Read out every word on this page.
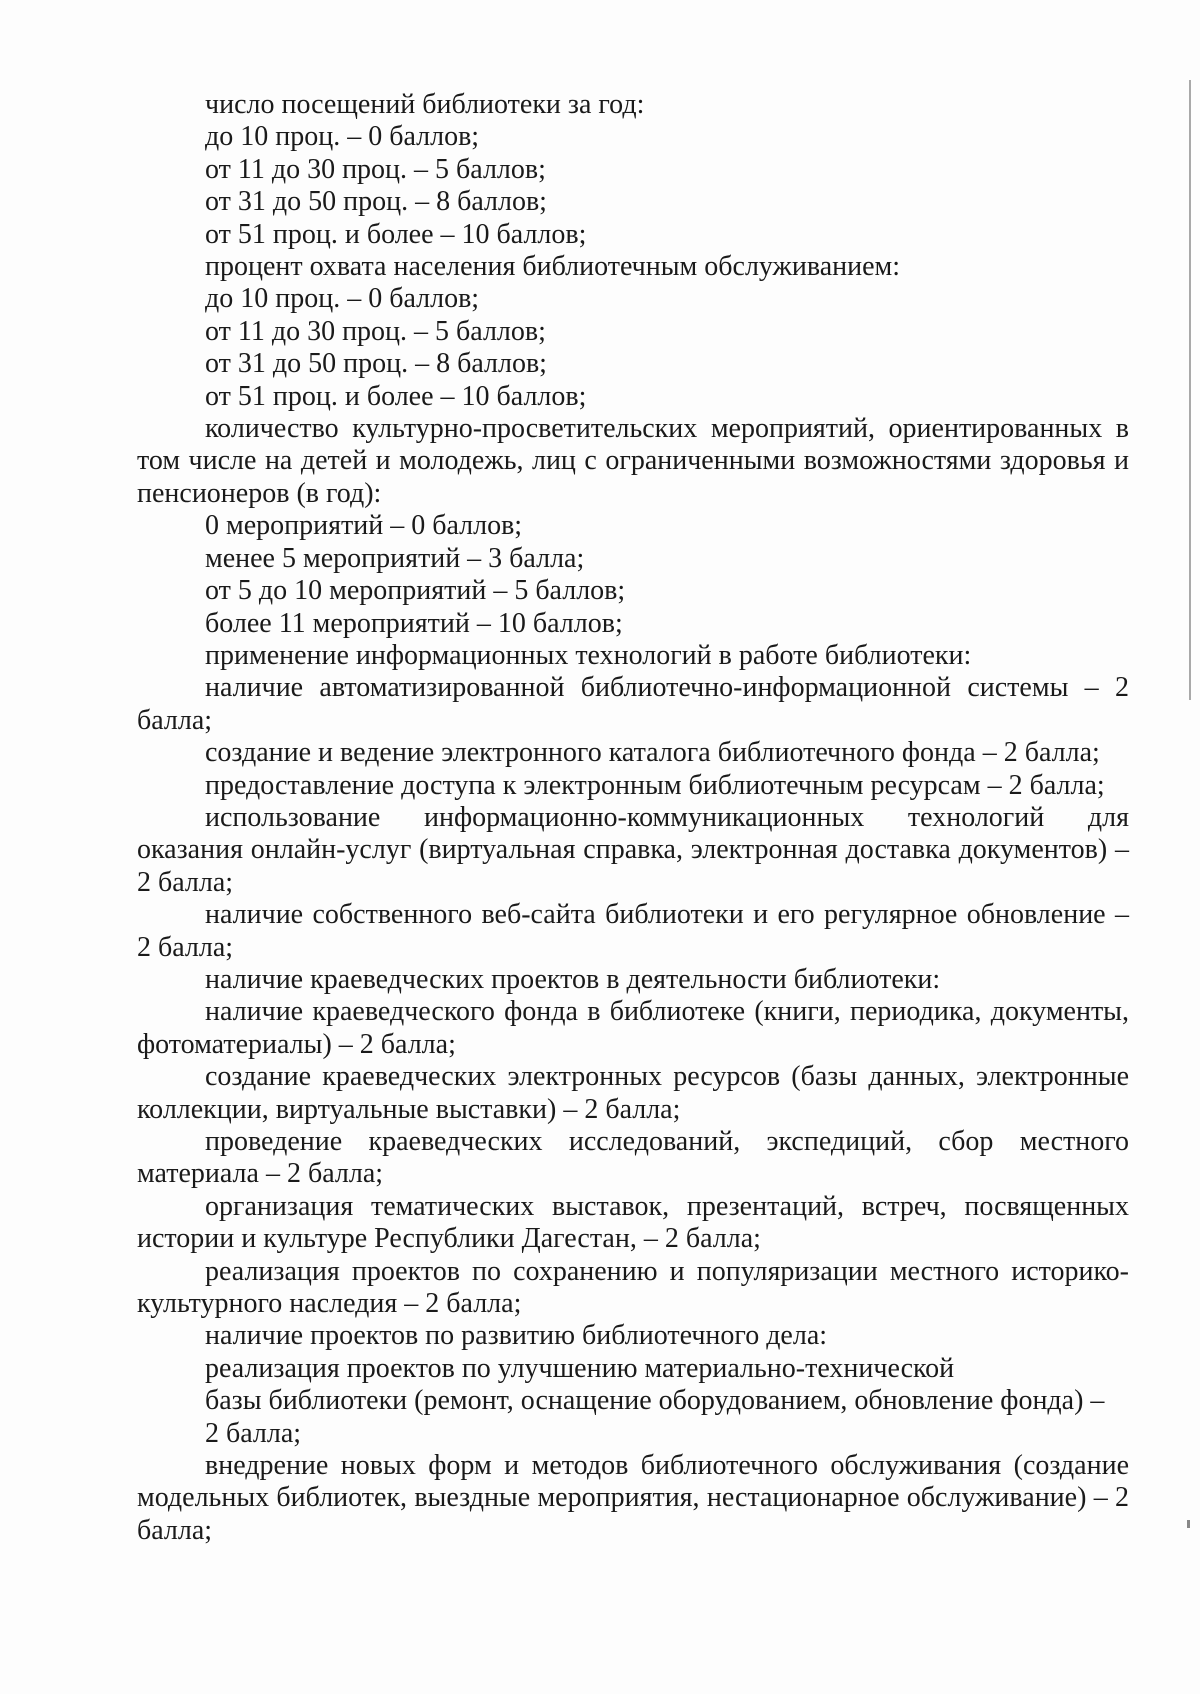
число посещений библиотеки за год:
до 10 проц. – 0 баллов;
от 11 до 30 проц. – 5 баллов;
от 31 до 50 проц. – 8 баллов;
от 51 проц. и более – 10 баллов;
процент охвата населения библиотечным обслуживанием:
до 10 проц. – 0 баллов;
от 11 до 30 проц. – 5 баллов;
от 31 до 50 проц. – 8 баллов;
от 51 проц. и более – 10 баллов;
количество культурно-просветительских мероприятий, ориентированных в
том числе на детей и молодежь, лиц с ограниченными возможностями здоровья и
пенсионеров (в год):
0 мероприятий – 0 баллов;
менее 5 мероприятий – 3 балла;
от 5 до 10 мероприятий – 5 баллов;
более 11 мероприятий – 10 баллов;
применение информационных технологий в работе библиотеки:
наличие автоматизированной библиотечно-информационной системы – 2
балла;
создание и ведение электронного каталога библиотечного фонда – 2 балла;
предоставление доступа к электронным библиотечным ресурсам – 2 балла;
использование информационно-коммуникационных технологий для
оказания онлайн-услуг (виртуальная справка, электронная доставка документов) –
2 балла;
наличие собственного веб-сайта библиотеки и его регулярное обновление –
2 балла;
наличие краеведческих проектов в деятельности библиотеки:
наличие краеведческого фонда в библиотеке (книги, периодика, документы,
фотоматериалы) – 2 балла;
создание краеведческих электронных ресурсов (базы данных, электронные
коллекции, виртуальные выставки) – 2 балла;
проведение краеведческих исследований, экспедиций, сбор местного
материала – 2 балла;
организация тематических выставок, презентаций, встреч, посвященных
истории и культуре Республики Дагестан, – 2 балла;
реализация проектов по сохранению и популяризации местного историко-
культурного наследия – 2 балла;
наличие проектов по развитию библиотечного дела:
реализация проектов по улучшению материально-технической
базы библиотеки (ремонт, оснащение оборудованием, обновление фонда) –
2 балла;
внедрение новых форм и методов библиотечного обслуживания (создание
модельных библиотек, выездные мероприятия, нестационарное обслуживание) – 2
балла;
